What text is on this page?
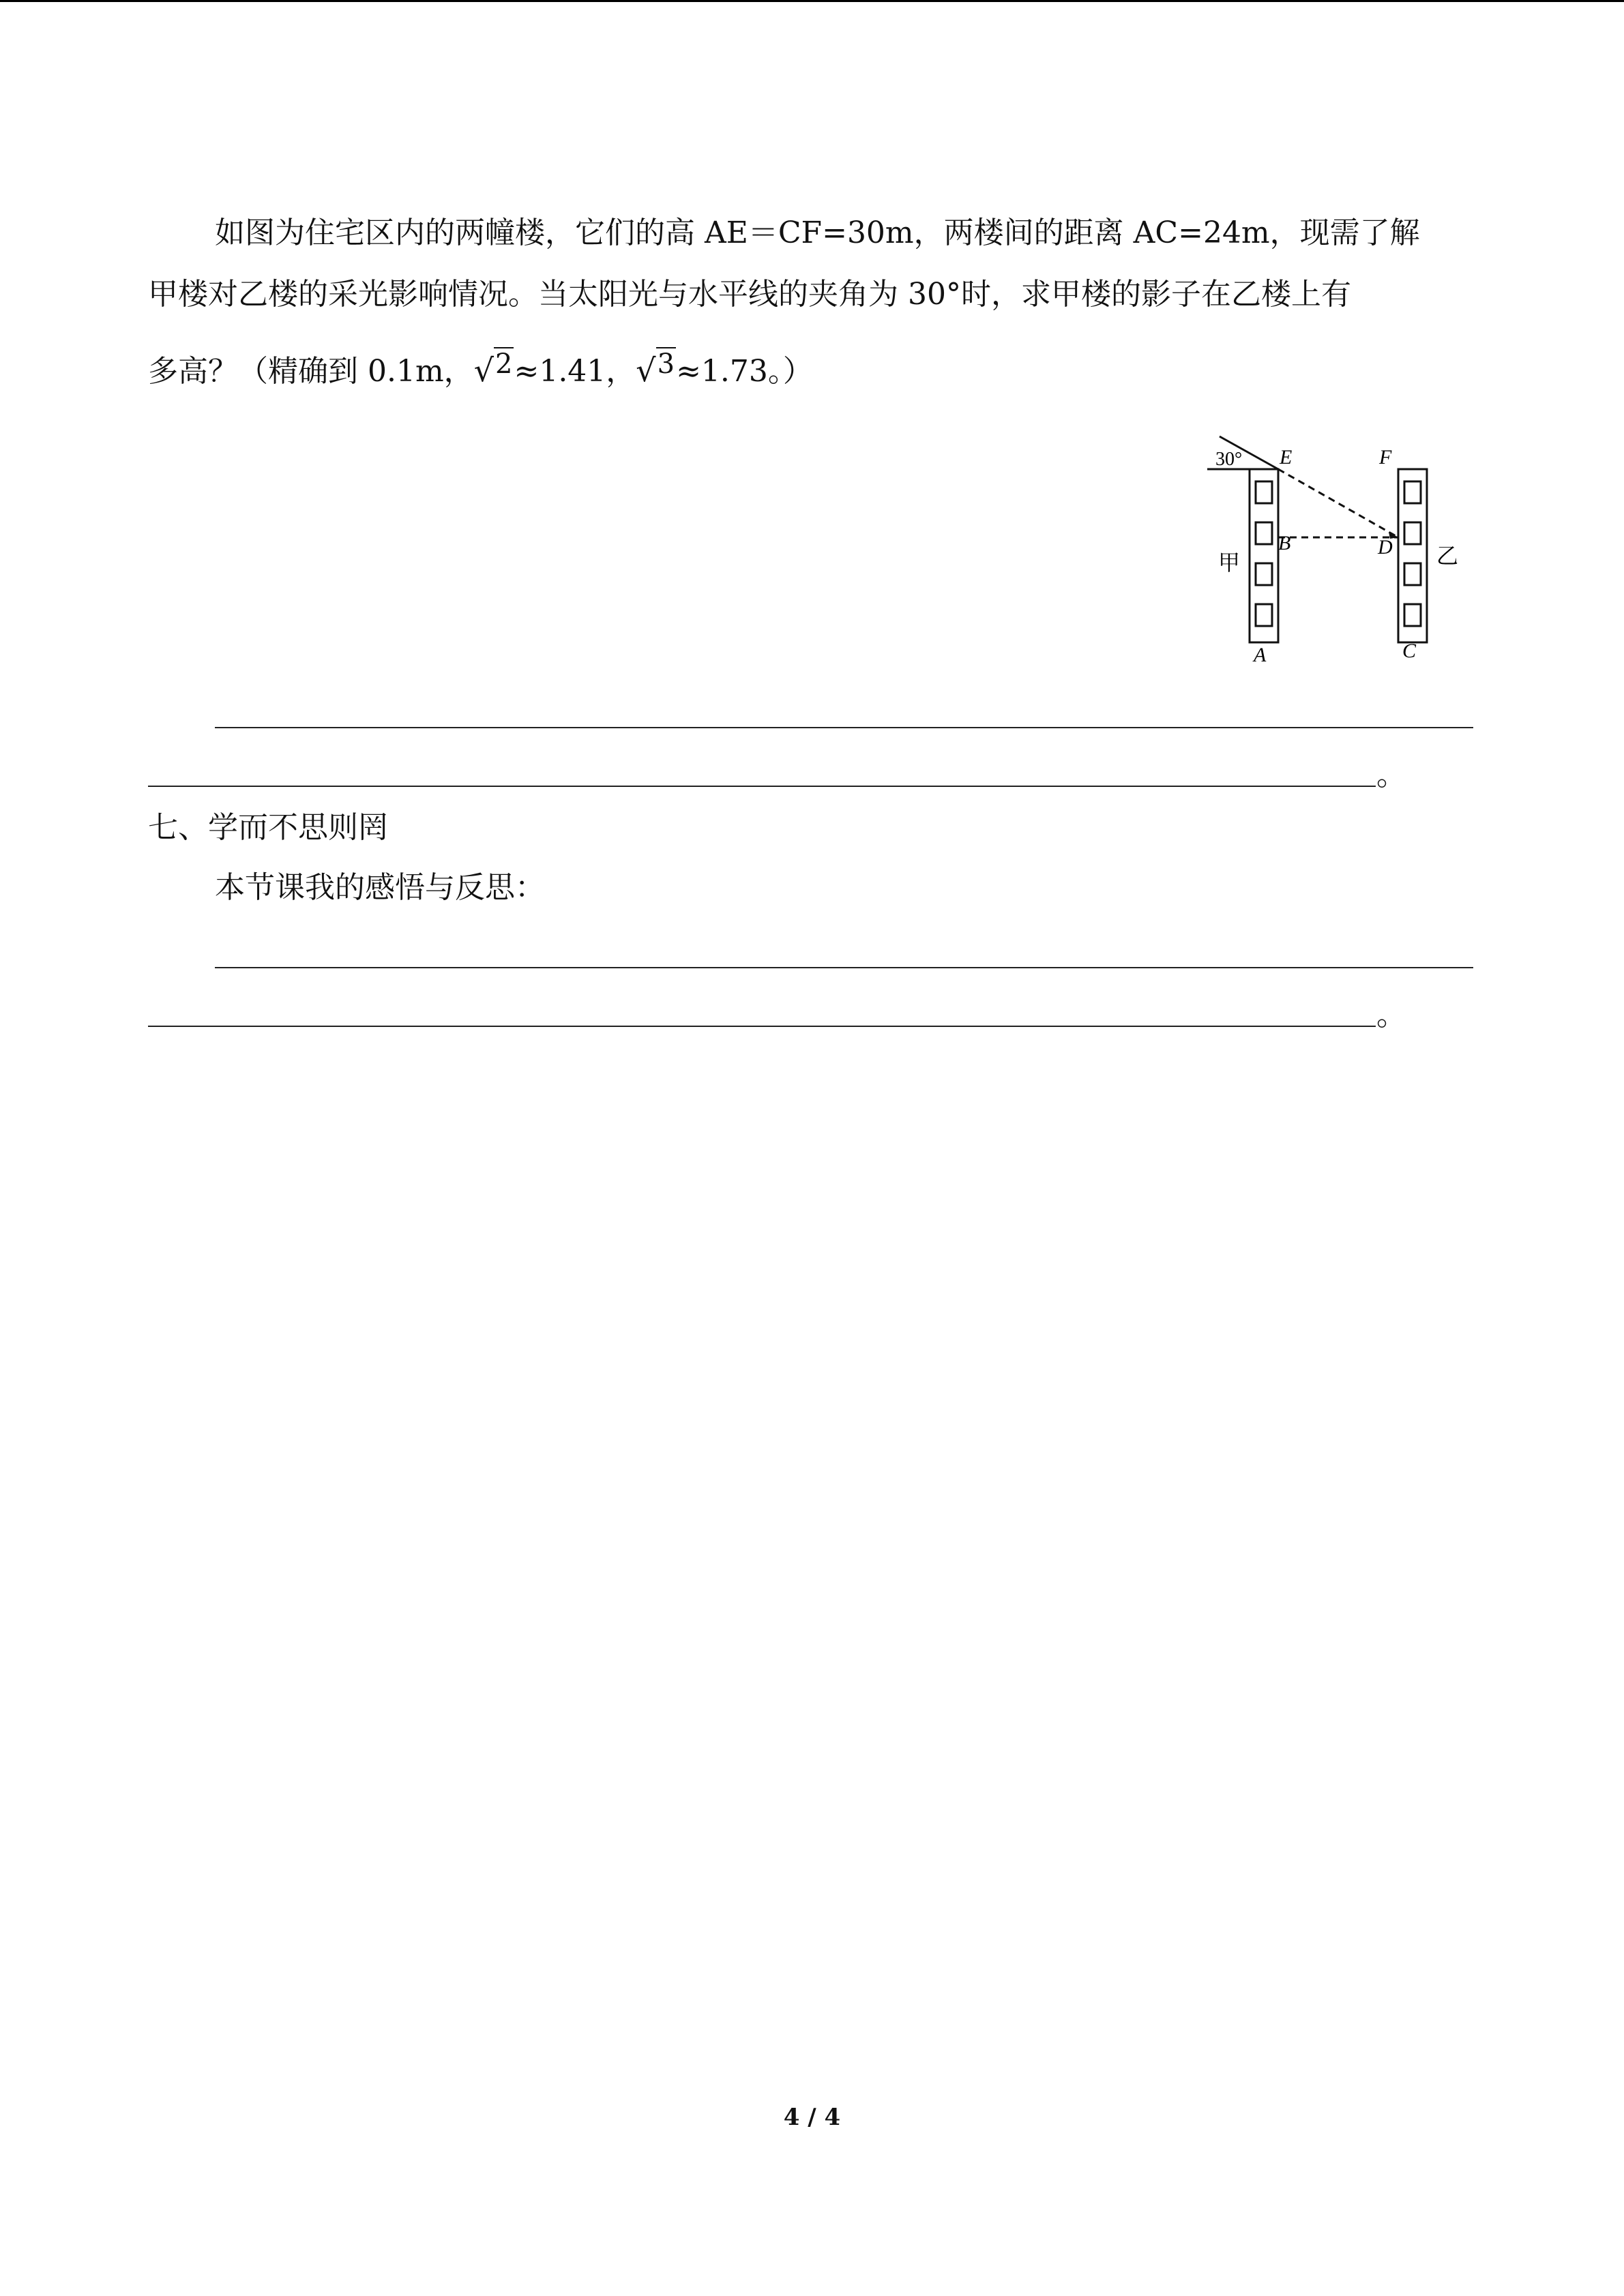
如图为住宅区内的两幢楼，它们的高 AE＝CF=30m，两楼间的距离 AC=24m，现需了解
甲楼对乙楼的采光影响情况。当太阳光与水平线的夹角为 30°时，求甲楼的影子在乙楼上有
多高？（精确到 0.1m，√2≈1.41，√3≈1.73。）
30° E	F
B	D
A	C
甲	乙
。
七、学而不思则罔
本节课我的感悟与反思：
。
4 / 4
